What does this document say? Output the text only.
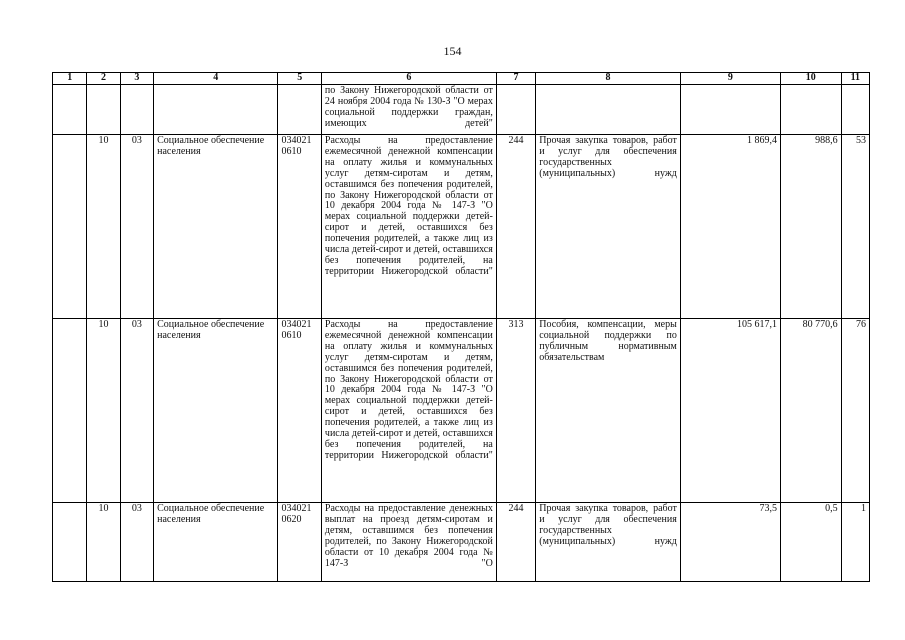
154
1	2	3	4	5	6	7	8	9	10	11
					по Закону Нижегородской области от 24 ноября 2004 года № 130-З "О мерах социальной поддержки граждан, имеющих детей"					
	10	03	Социальное обеспечение населения	034021 0610	Расходы на предоставление ежемесячной денежной компенсации на оплату жилья и коммунальных услуг детям-сиротам и детям, оставшимся без попечения родителей, по Закону Нижегородской области от 10 декабря 2004 года № 147-З "О мерах социальной поддержки детей-сирот и детей, оставшихся без попечения родителей, а также лиц из числа детей-сирот и детей, оставшихся без попечения родителей, на территории Нижегородской области"	244	Прочая закупка товаров, работ и услуг для обеспечения государственных (муниципальных) нужд	1 869,4	988,6	53
	10	03	Социальное обеспечение населения	034021 0610	Расходы на предоставление ежемесячной денежной компенсации на оплату жилья и коммунальных услуг детям-сиротам и детям, оставшимся без попечения родителей, по Закону Нижегородской области от 10 декабря 2004 года № 147-З "О мерах социальной поддержки детей-сирот и детей, оставшихся без попечения родителей, а также лиц из числа детей-сирот и детей, оставшихся без попечения родителей, на территории Нижегородской области"	313	Пособия, компенсации, меры социальной поддержки по публичным нормативным обязательствам	105 617,1	80 770,6	76
	10	03	Социальное обеспечение населения	034021 0620	Расходы на предоставление денежных выплат на проезд детям-сиротам и детям, оставшимся без попечения родителей, по Закону Нижегородской области от 10 декабря 2004 года № 147-З "О	244	Прочая закупка товаров, работ и услуг для обеспечения государственных (муниципальных) нужд	73,5	0,5	1
